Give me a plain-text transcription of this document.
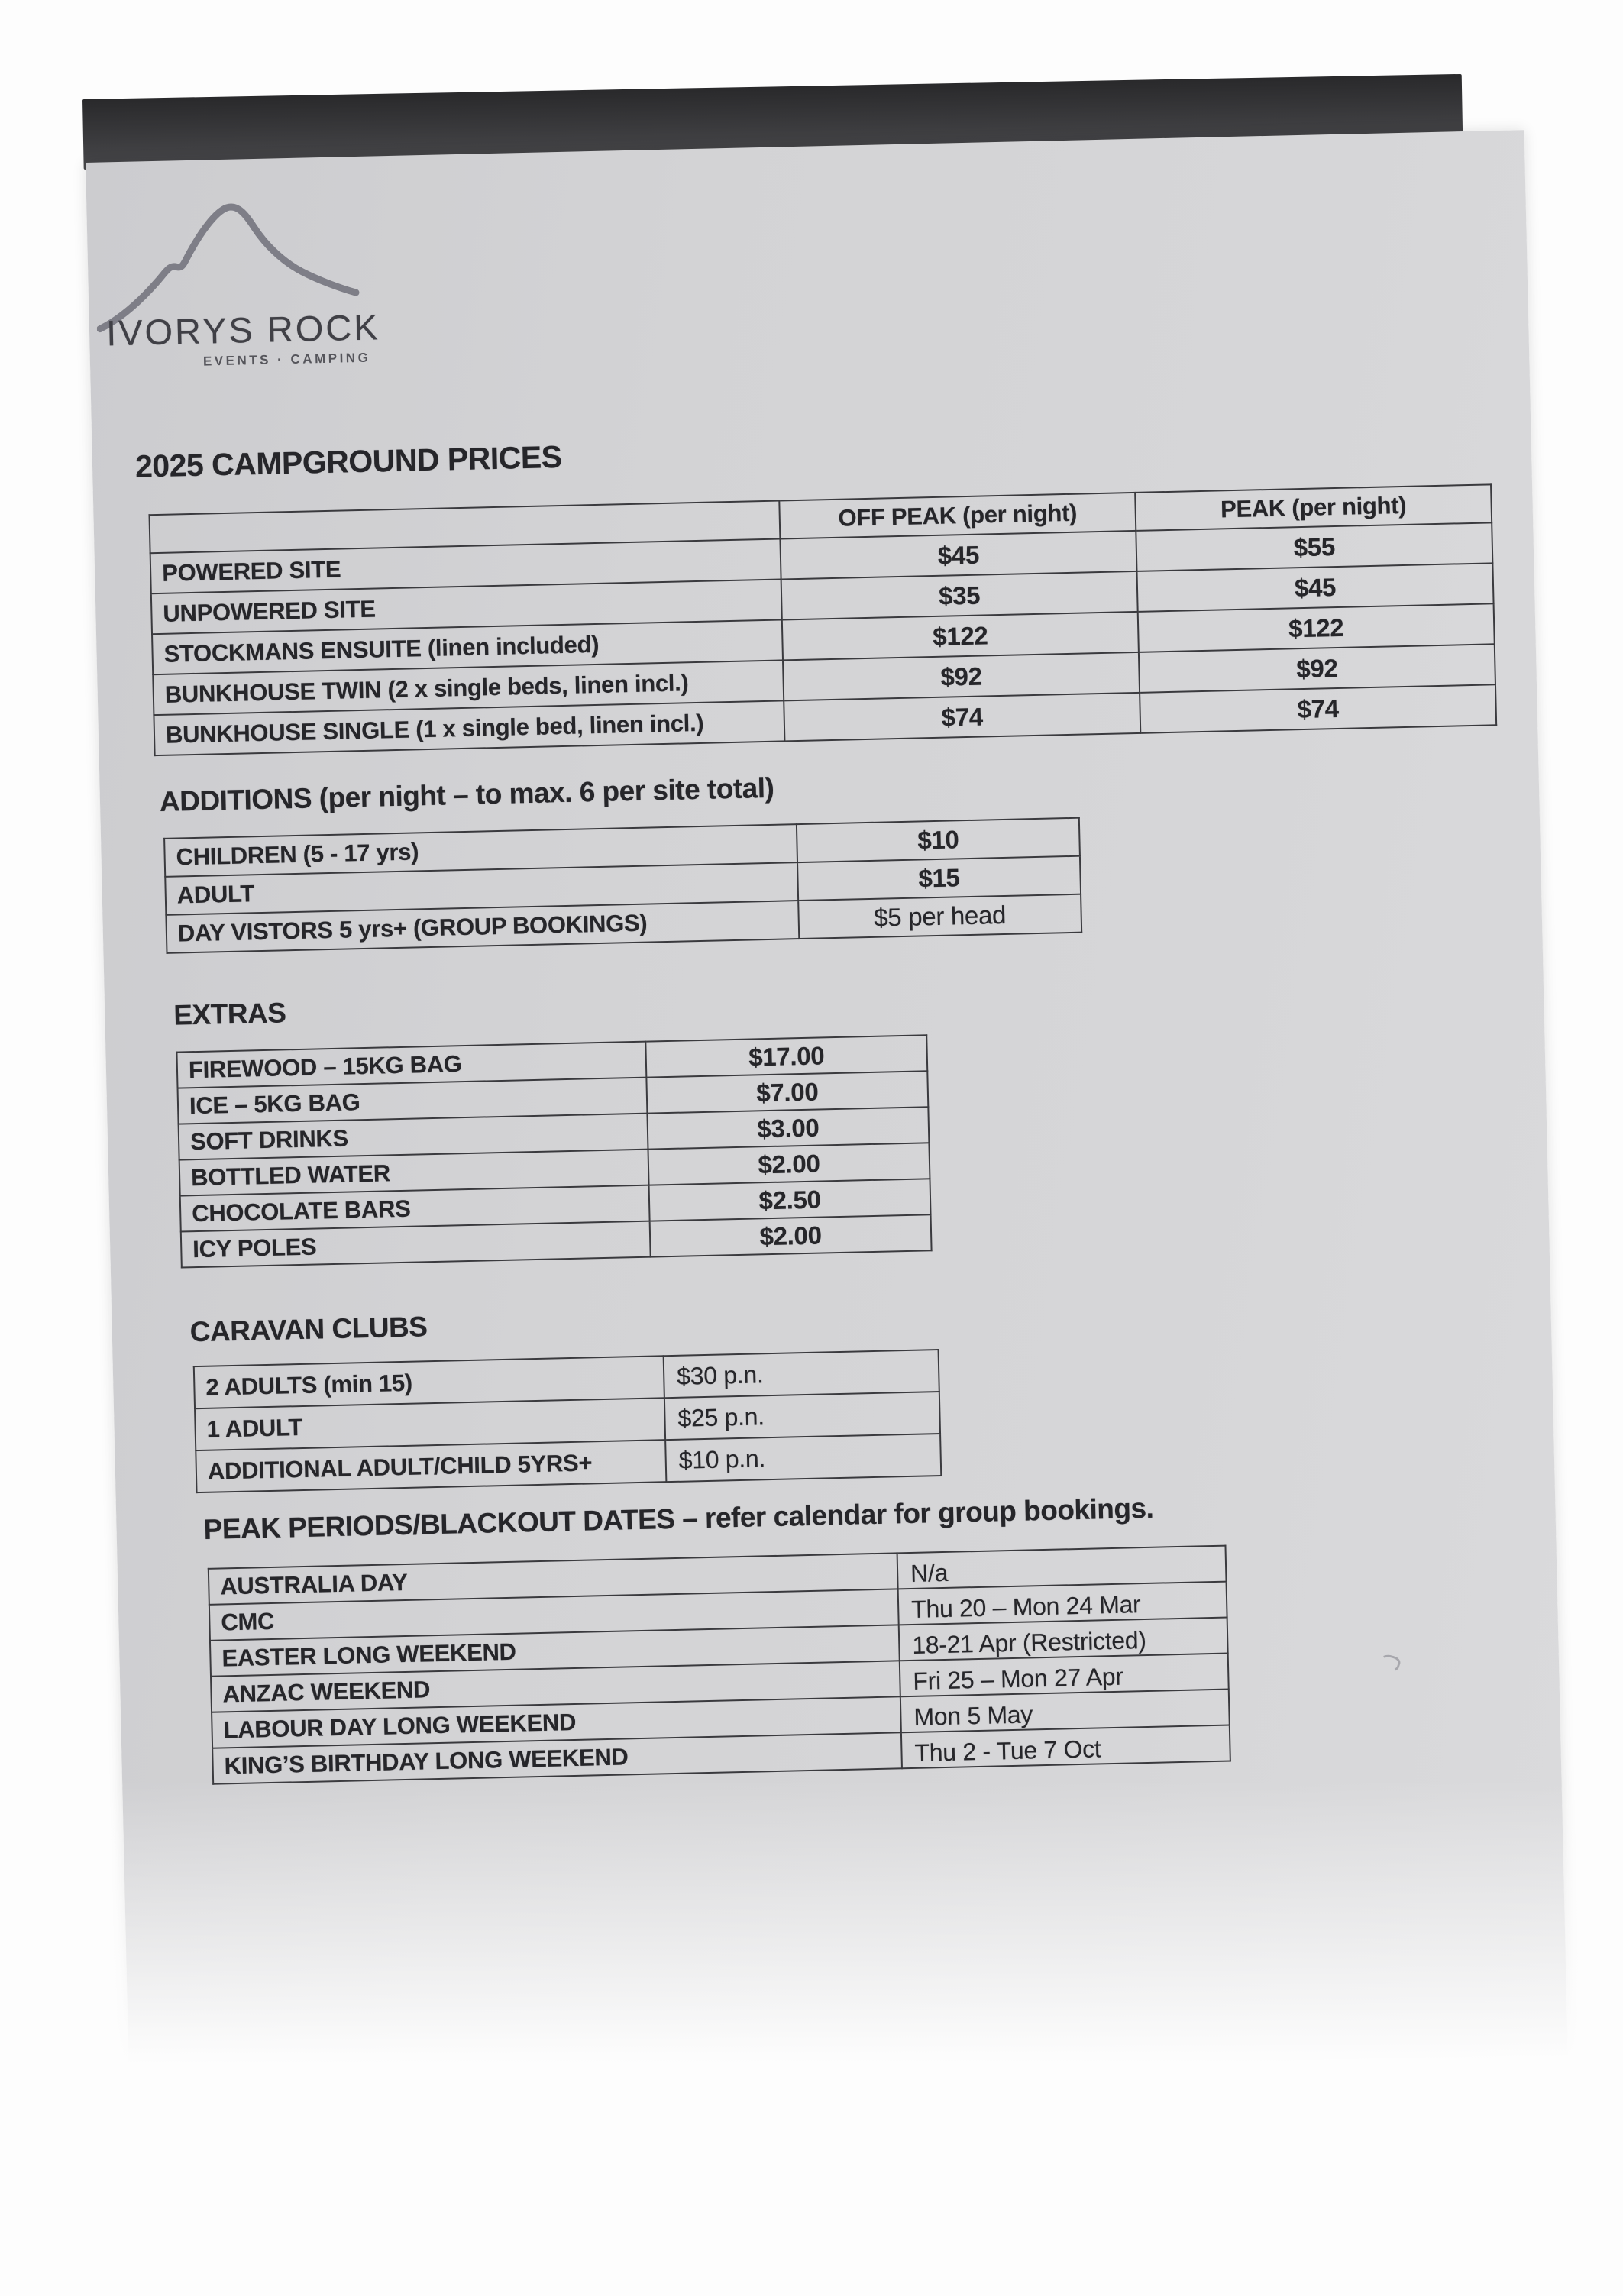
IVORYS ROCK
EVENTS · CAMPING
2025 CAMPGROUND PRICES
	OFF PEAK (per night)	PEAK (per night)
POWERED SITE	$45	$55
UNPOWERED SITE	$35	$45
STOCKMANS ENSUITE (linen included)	$122	$122
BUNKHOUSE TWIN (2 x single beds, linen incl.)	$92	$92
BUNKHOUSE SINGLE (1 x single bed, linen incl.)	$74	$74
ADDITIONS (per night – to max. 6 per site total)
CHILDREN (5 - 17 yrs)	$10
ADULT	$15
DAY VISTORS 5 yrs+ (GROUP BOOKINGS)	$5 per head
EXTRAS
FIREWOOD – 15KG BAG	$17.00
ICE – 5KG BAG	$7.00
SOFT DRINKS	$3.00
BOTTLED WATER	$2.00
CHOCOLATE BARS	$2.50
ICY POLES	$2.00
CARAVAN CLUBS
2 ADULTS (min 15)	$30 p.n.
1 ADULT	$25 p.n.
ADDITIONAL ADULT/CHILD 5YRS+	$10 p.n.
PEAK PERIODS/BLACKOUT DATES – refer calendar for group bookings.
AUSTRALIA DAY	N/a
CMC	Thu 20 – Mon 24 Mar
EASTER LONG WEEKEND	18-21 Apr (Restricted)
ANZAC WEEKEND	Fri 25 – Mon 27 Apr
LABOUR DAY LONG WEEKEND	Mon 5 May
KING’S BIRTHDAY LONG WEEKEND	Thu 2 - Tue 7 Oct
